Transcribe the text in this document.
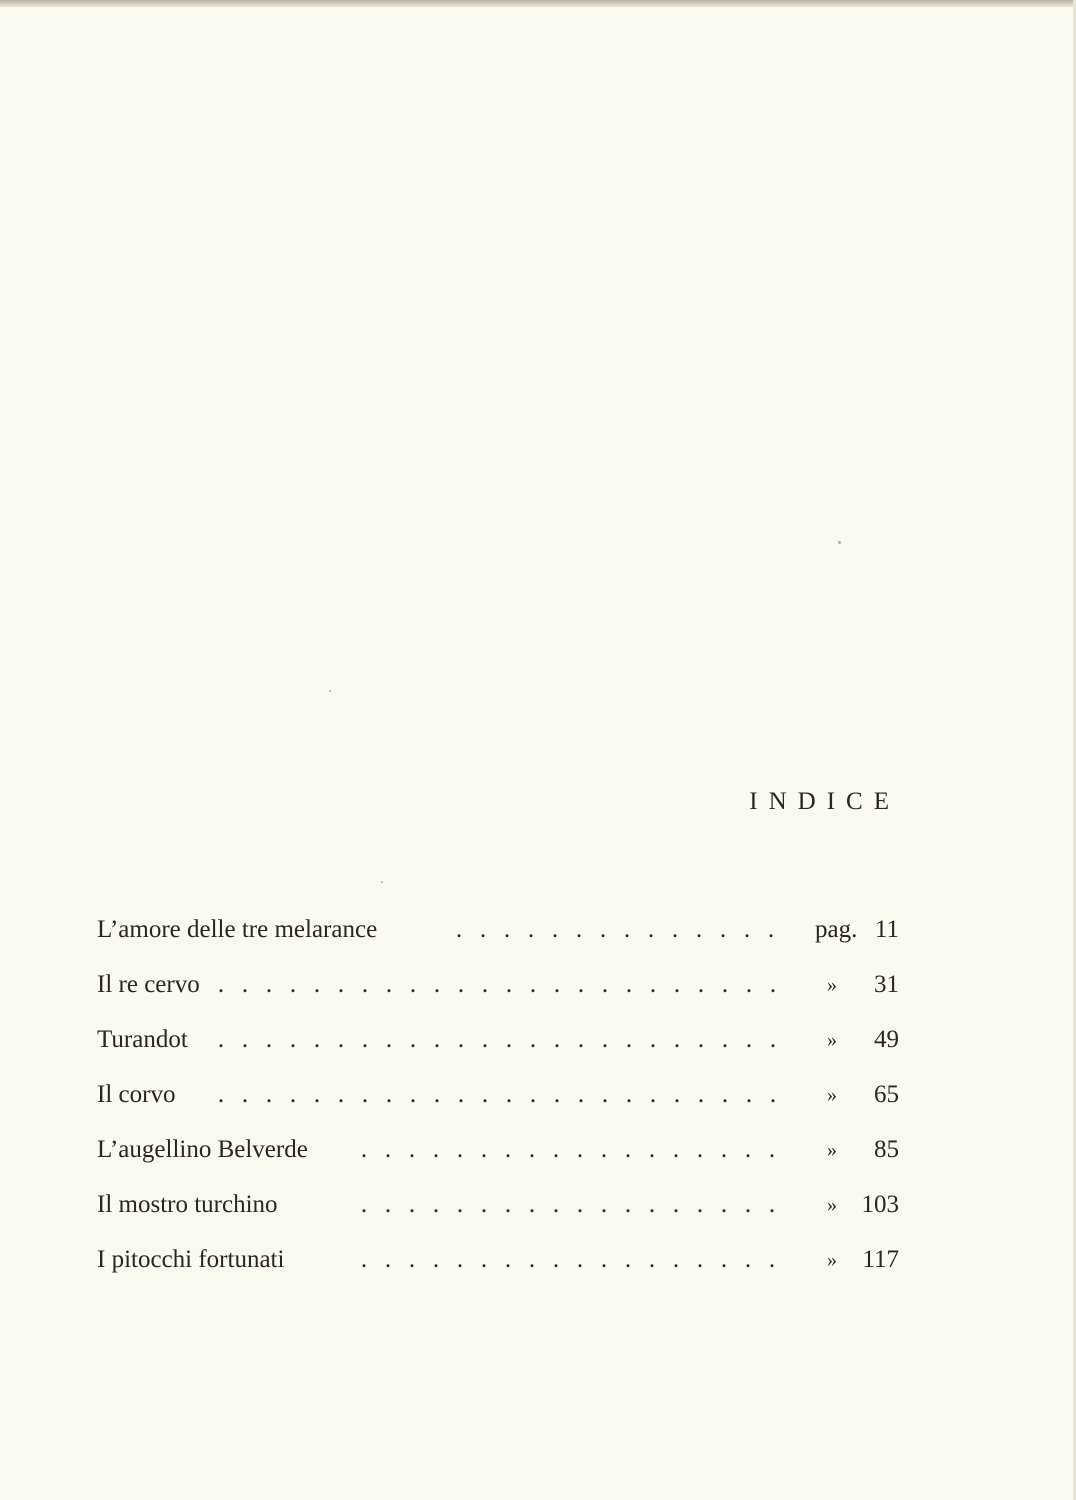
INDICE
L’amore delle tre melarance	. . . . . . . . . . . . . .	pag. 11
Il re cervo . . . . . . . . . . . . . . . . . . . . . . . .	» 31
Turandot	. . . . . . . . . . . . . . . . . . . . . . . .	» 49
Il corvo	. . . . . . . . . . . . . . . . . . . . . . . .	» 65
L’augellino Belverde	. . . . . . . . . . . . . . . . . .	» 85
Il mostro turchino	. . . . . . . . . . . . . . . . . .	» 103
I pitocchi fortunati	. . . . . . . . . . . . . . . . . .	» 117
